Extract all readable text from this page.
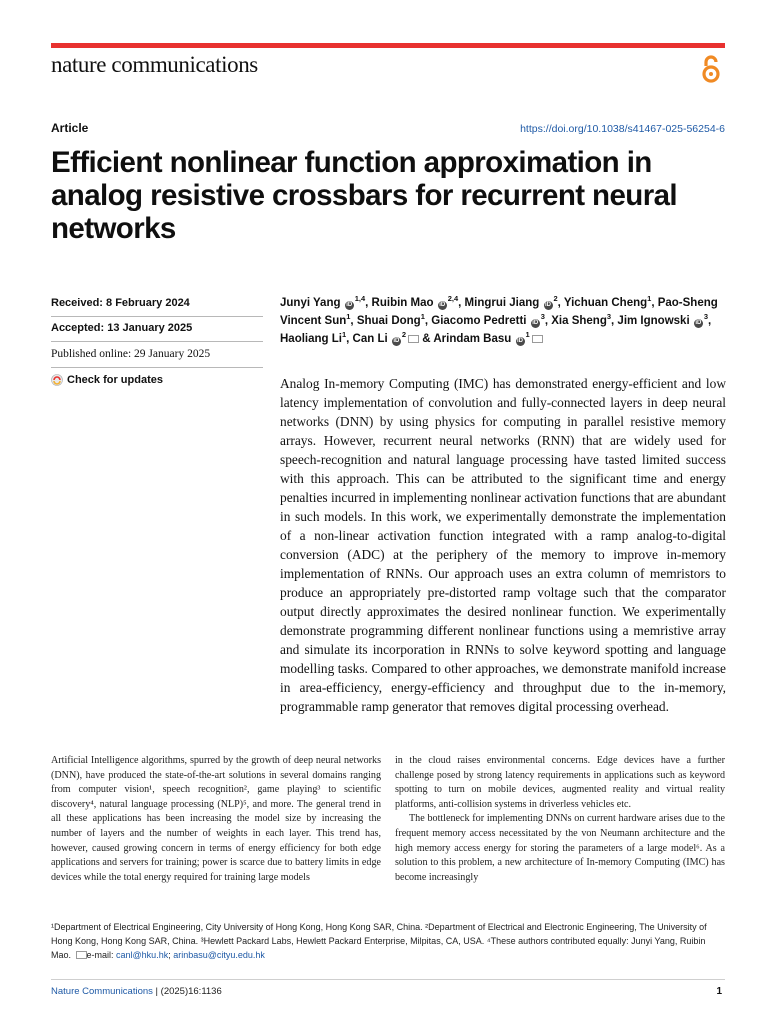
nature communications
Article	https://doi.org/10.1038/s41467-025-56254-6
Efficient nonlinear function approximation in analog resistive crossbars for recurrent neural networks
Received: 8 February 2024
Accepted: 13 January 2025
Published online: 29 January 2025
Check for updates
Junyi Yang iD$^{1,4}$, Ruibin Mao iD$^{2,4}$, Mingrui Jiang $iD^2$, Yichuan Cheng$^1$, Pao-Sheng Vincent Sun$^1$, Shuai Dong$^1$, Giacomo Pedretti $iD^3$, Xia Sheng$^3$, Jim Ignowski $iD^3$, Haoliang Li$^1$, Can Li $iD^2$ & Arindam Basu $iD^1$
Analog In-memory Computing (IMC) has demonstrated energy-efficient and low latency implementation of convolution and fully-connected layers in deep neural networks (DNN) by using physics for computing in parallel resistive memory arrays. However, recurrent neural networks (RNN) that are widely used for speech-recognition and natural language processing have tasted limited success with this approach. This can be attributed to the significant time and energy penalties incurred in implementing nonlinear activation functions that are abundant in such models. In this work, we experimentally demonstrate the implementation of a non-linear activation function integrated with a ramp analog-to-digital conversion (ADC) at the periphery of the memory to improve in-memory implementation of RNNs. Our approach uses an extra column of memristors to produce an appropriately pre-distorted ramp voltage such that the comparator output directly approximates the desired nonlinear function. We experimentally demonstrate programming different nonlinear functions using a memristive array and simulate its incorporation in RNNs to solve keyword spotting and language modelling tasks. Compared to other approaches, we demonstrate manifold increase in area-efficiency, energy-efficiency and throughput due to the in-memory, programmable ramp generator that removes digital processing overhead.

Artificial Intelligence algorithms, spurred by the growth of deep neural networks (DNN), have produced the state-of-the-art solutions in several domains ranging from computer vision¹, speech recognition², game playing³ to scientific discovery⁴, natural language processing (NLP)⁵, and more. The general trend in all these applications has been increasing the model size by increasing the number of layers and the number of weights in each layer. This trend has, however, caused growing concern in terms of energy efficiency for both edge applications and servers for training; power is scarce due to battery limits in edge devices while the total energy required for training large models

in the cloud raises environmental concerns. Edge devices have a further challenge posed by strong latency requirements in applications such as keyword spotting to turn on mobile devices, augmented reality and virtual reality platforms, anti-collision systems in driverless vehicles etc.

The bottleneck for implementing DNNs on current hardware arises due to the frequent memory access necessitated by the von Neumann architecture and the high memory access energy for storing the parameters of a large model⁶. As a solution to this problem, a new architecture of In-memory Computing (IMC) has become increasingly

¹Department of Electrical Engineering, City University of Hong Kong, Hong Kong SAR, China. ²Department of Electrical and Electronic Engineering, The University of Hong Kong, Hong Kong SAR, China. ³Hewlett Packard Labs, Hewlett Packard Enterprise, Milpitas, CA, USA. ⁴These authors contributed equally: Junyi Yang, Ruibin Mao. e-mail: canl@hku.hk; arinbasu@cityu.edu.hk
Nature Communications | (2025)16:1136	1
